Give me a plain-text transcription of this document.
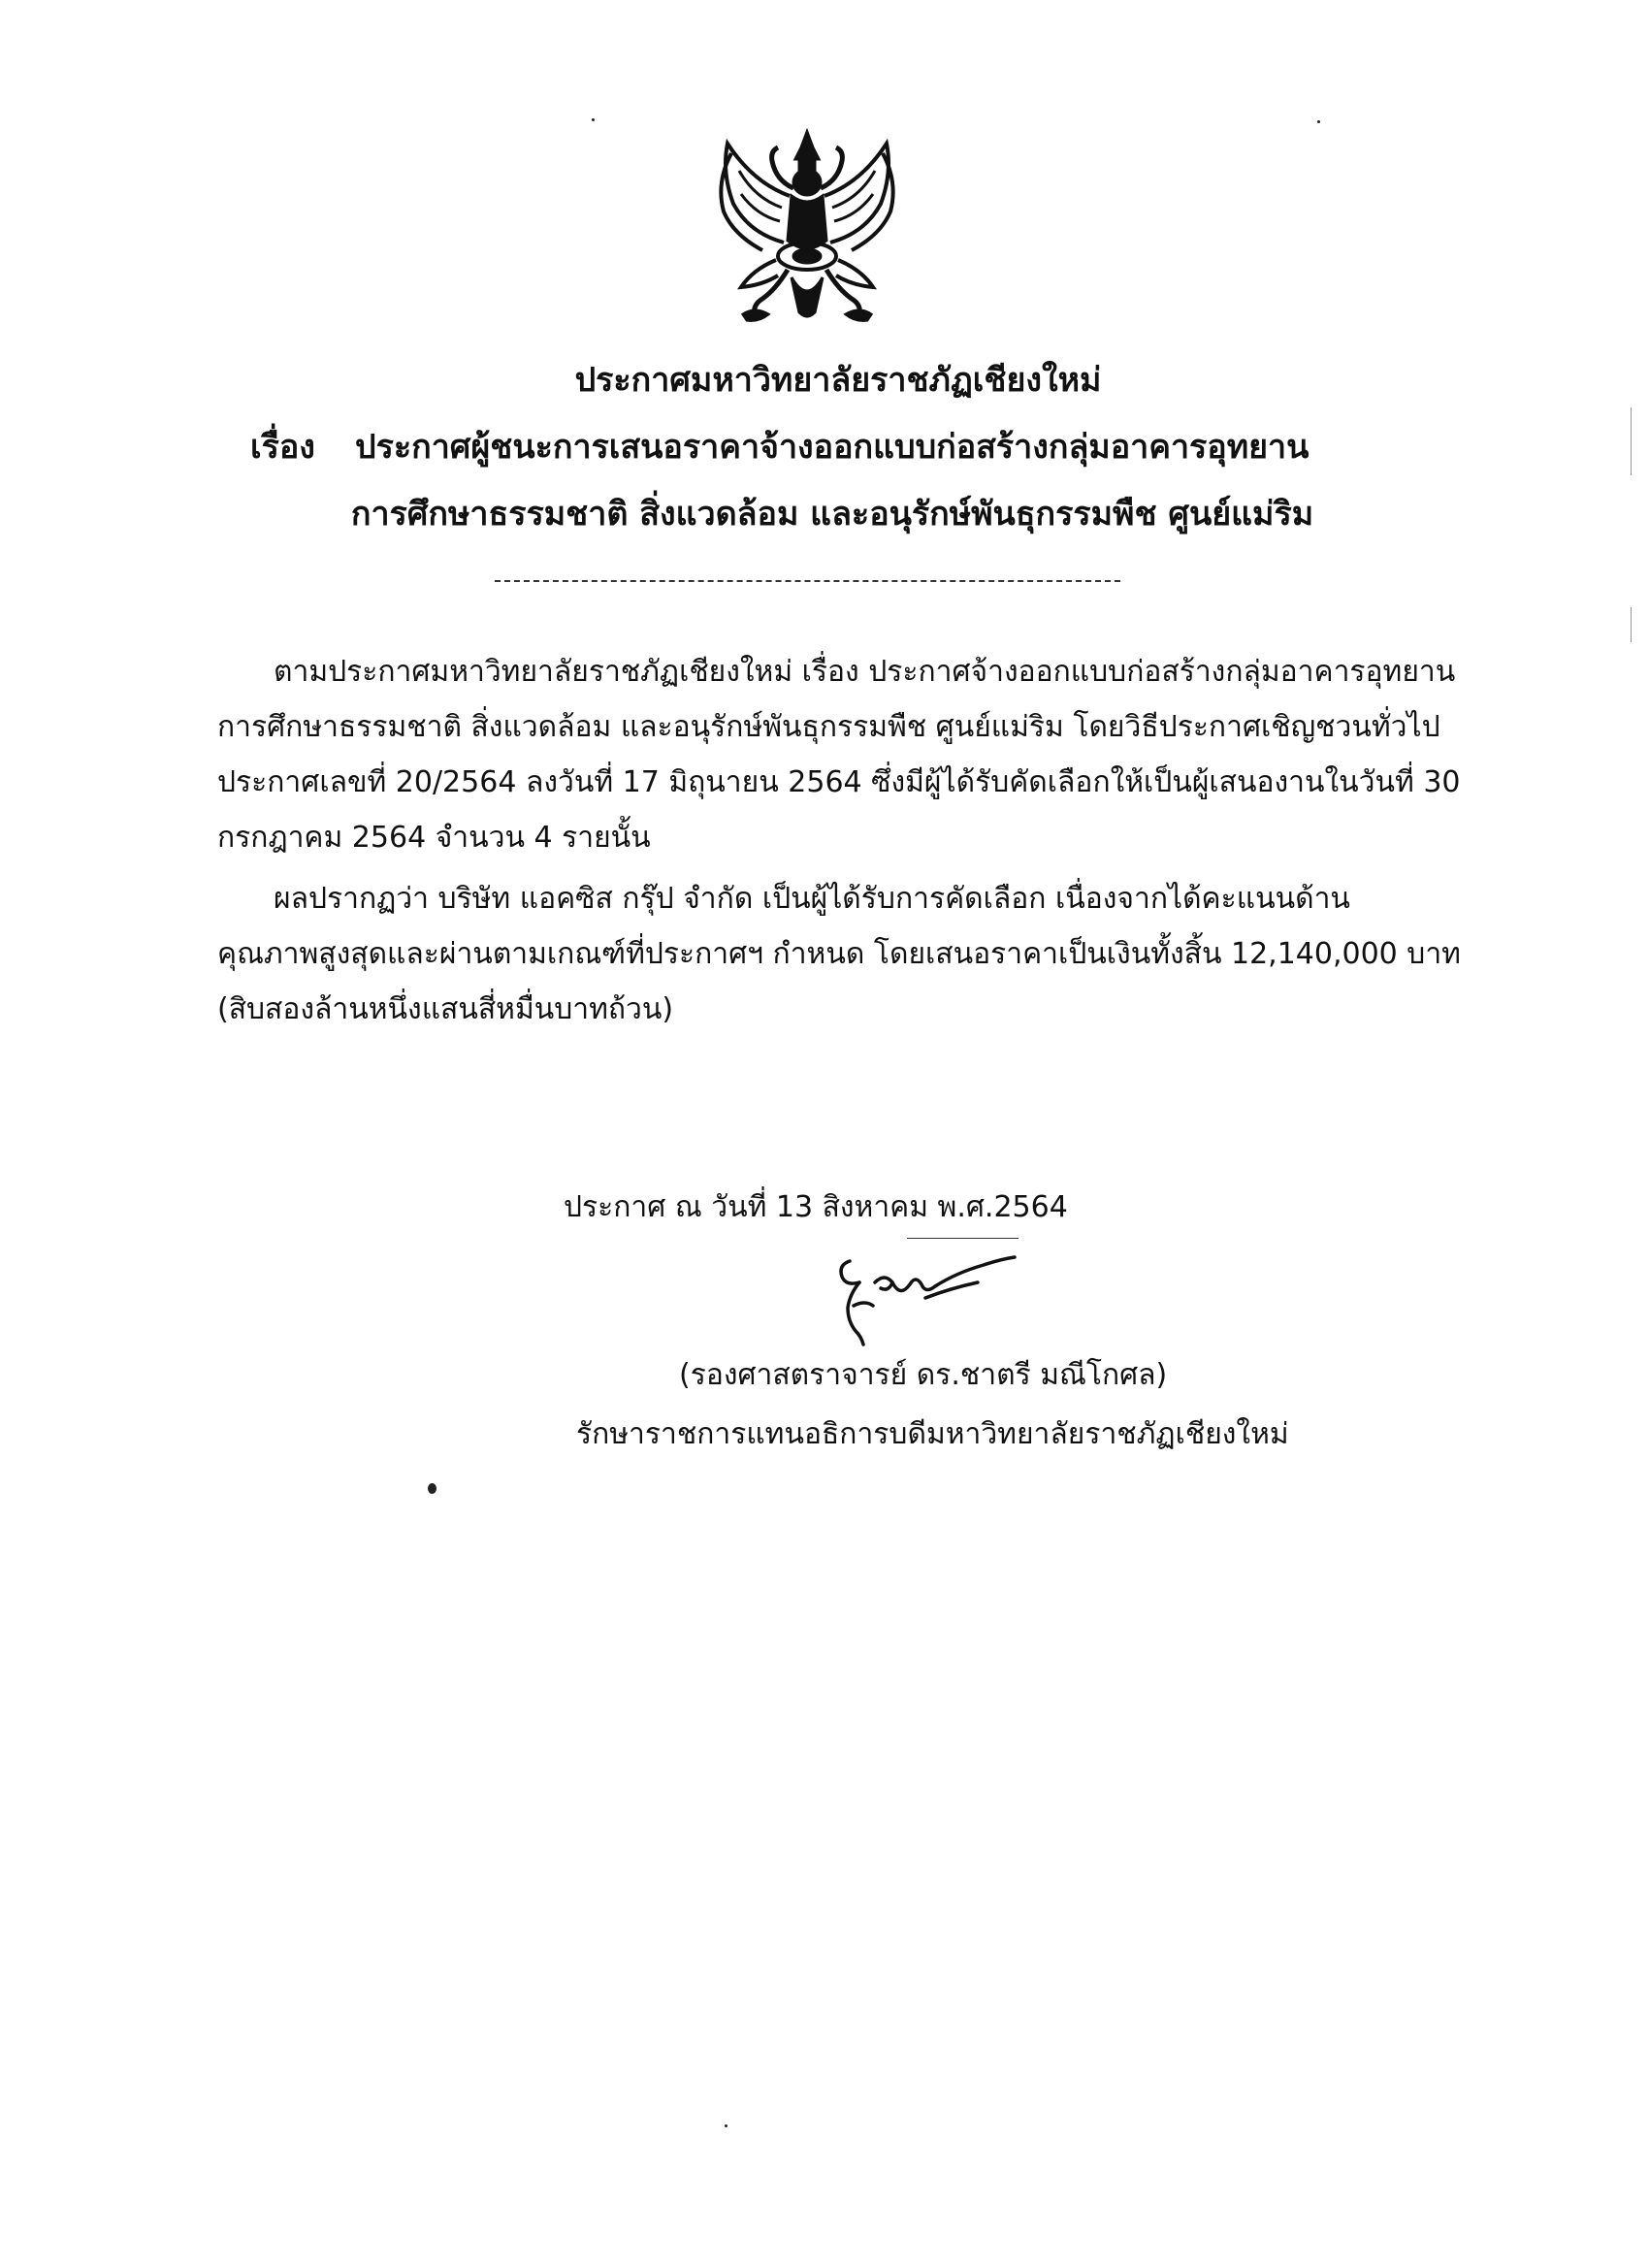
ประกาศมหาวิทยาลัยราชภัฏเชียงใหม่
เรื่อง ประกาศผู้ชนะการเสนอราคาจ้างออกแบบก่อสร้างกลุ่มอาคารอุทยาน
การศึกษาธรรมชาติ สิ่งแวดล้อม และอนุรักษ์พันธุกรรมพืช ศูนย์แม่ริม
ตามประกาศมหาวิทยาลัยราชภัฏเชียงใหม่ เรื่อง ประกาศจ้างออกแบบก่อสร้างกลุ่มอาคารอุทยาน
การศึกษาธรรมชาติ สิ่งแวดล้อม และอนุรักษ์พันธุกรรมพืช ศูนย์แม่ริม โดยวิธีประกาศเชิญชวนทั่วไป
ประกาศเลขที่ 20/2564 ลงวันที่ 17 มิถุนายน 2564 ซึ่งมีผู้ได้รับคัดเลือกให้เป็นผู้เสนองานในวันที่ 30
กรกฎาคม 2564 จำนวน 4 รายนั้น
ผลปรากฏว่า บริษัท แอคซิส กรุ๊ป จำกัด เป็นผู้ได้รับการคัดเลือก เนื่องจากได้คะแนนด้าน
คุณภาพสูงสุดและผ่านตามเกณฑ์ที่ประกาศฯ กำหนด โดยเสนอราคาเป็นเงินทั้งสิ้น 12,140,000 บาท
(สิบสองล้านหนึ่งแสนสี่หมื่นบาทถ้วน)
ประกาศ ณ วันที่ 13 สิงหาคม พ.ศ.2564
(รองศาสตราจารย์ ดร.ชาตรี มณีโกศล)
รักษาราชการแทนอธิการบดีมหาวิทยาลัยราชภัฏเชียงใหม่
